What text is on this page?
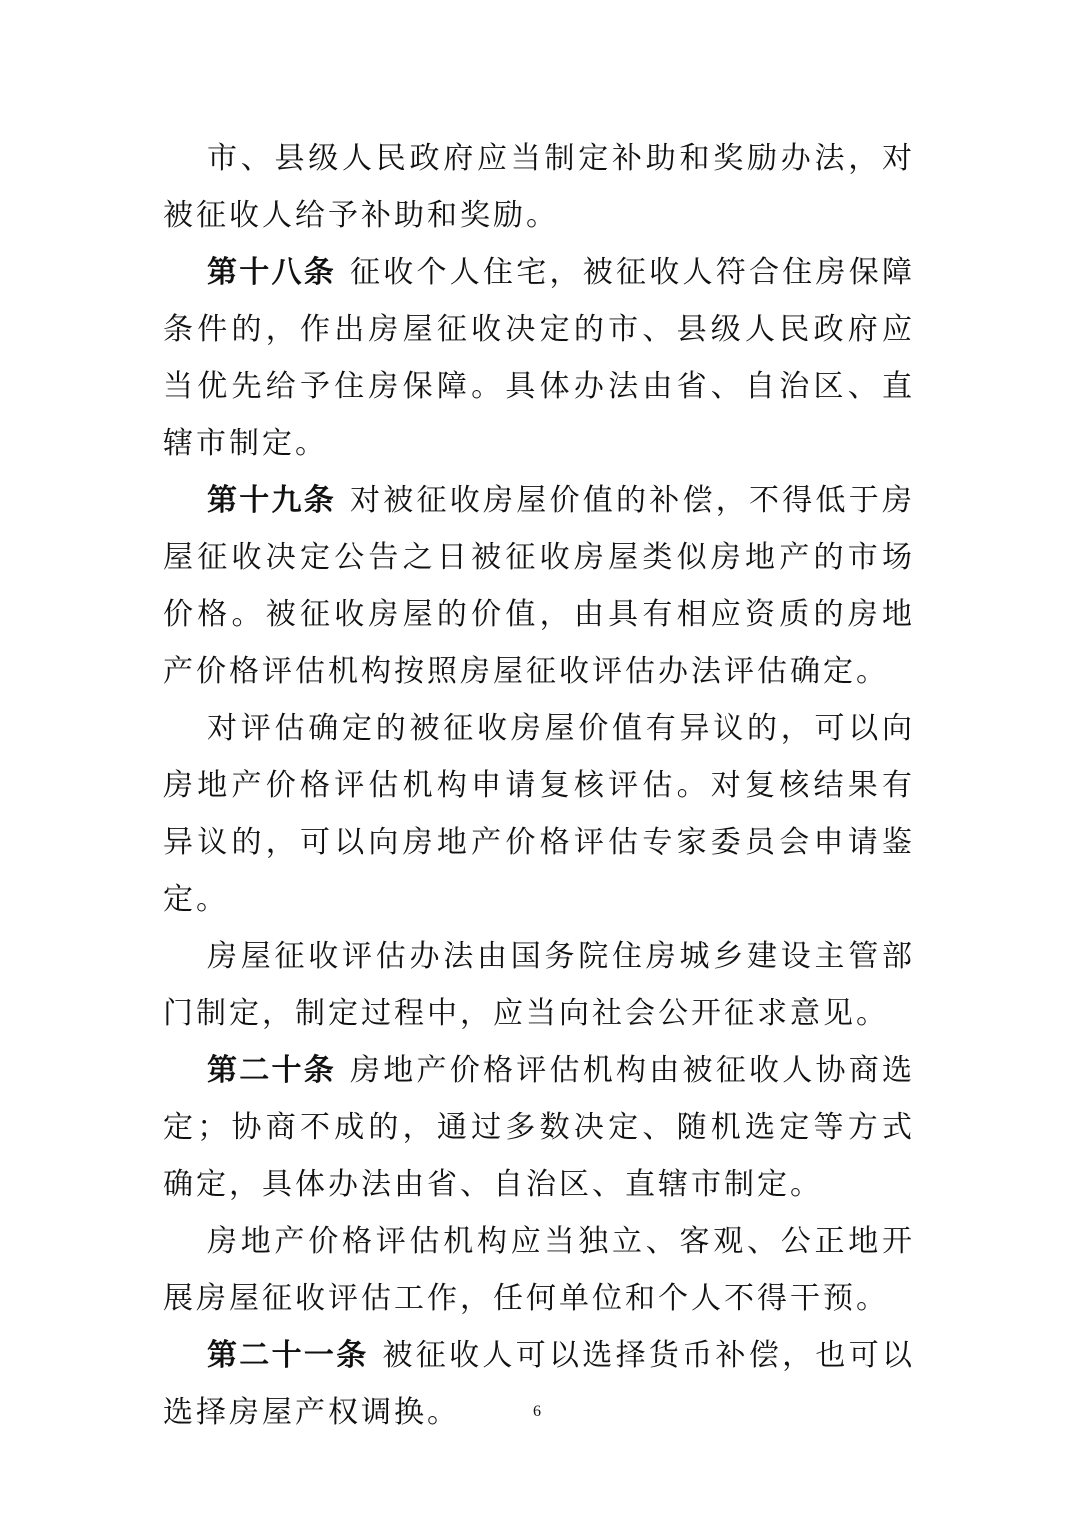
市、县级人民政府应当制定补助和奖励办法，对被征收人给予补助和奖励。

第十八条 征收个人住宅，被征收人符合住房保障条件的，作出房屋征收决定的市、县级人民政府应当优先给予住房保障。具体办法由省、自治区、直辖市制定。

第十九条 对被征收房屋价值的补偿，不得低于房屋征收决定公告之日被征收房屋类似房地产的市场价格。被征收房屋的价值，由具有相应资质的房地产价格评估机构按照房屋征收评估办法评估确定。

对评估确定的被征收房屋价值有异议的，可以向房地产价格评估机构申请复核评估。对复核结果有异议的，可以向房地产价格评估专家委员会申请鉴定。

房屋征收评估办法由国务院住房城乡建设主管部门制定，制定过程中，应当向社会公开征求意见。

第二十条 房地产价格评估机构由被征收人协商选定；协商不成的，通过多数决定、随机选定等方式确定，具体办法由省、自治区、直辖市制定。

房地产价格评估机构应当独立、客观、公正地开展房屋征收评估工作，任何单位和个人不得干预。

第二十一条 被征收人可以选择货币补偿，也可以选择房屋产权调换。	6
